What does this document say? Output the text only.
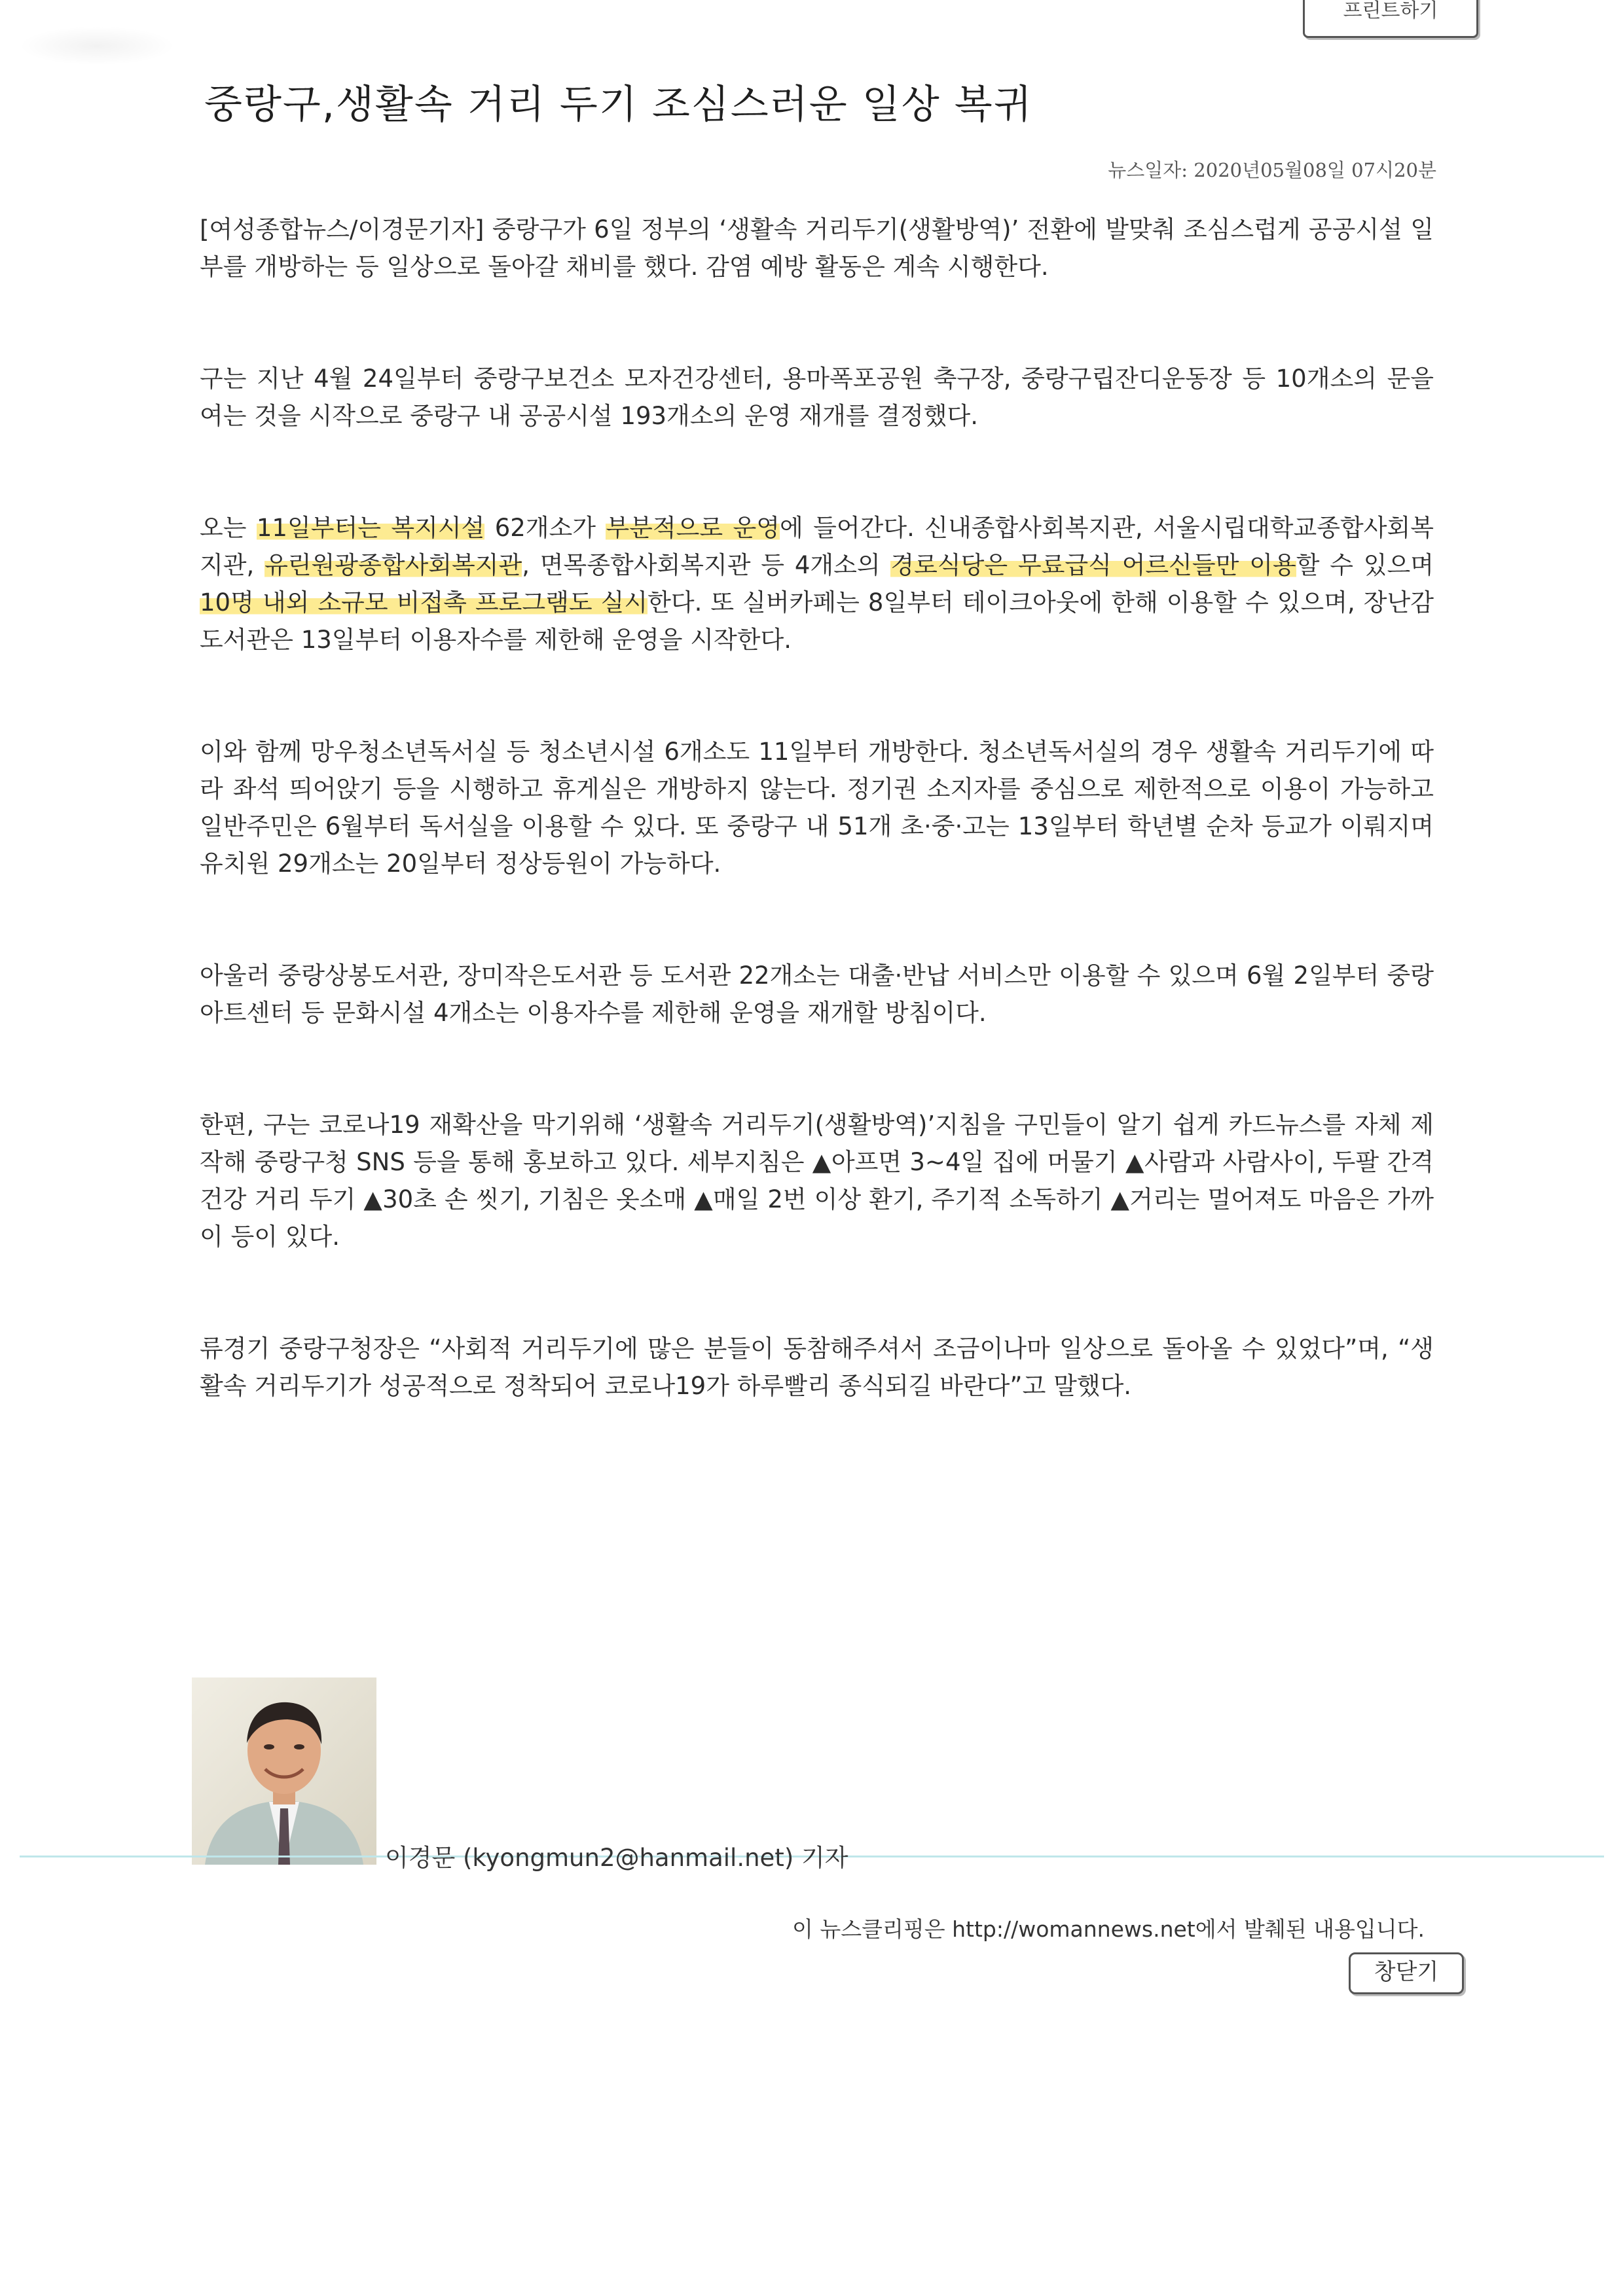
프린트하기
중랑구,생활속 거리 두기 조심스러운 일상 복귀
뉴스일자: 2020년05월08일 07시20분

[여성종합뉴스/이경문기자] 중랑구가 6일 정부의 ‘생활속 거리두기(생활방역)’ 전환에 발맞춰 조심스럽게 공공시설 일부를 개방하는 등 일상으로 돌아갈 채비를 했다. 감염 예방 활동은 계속 시행한다.

구는 지난 4월 24일부터 중랑구보건소 모자건강센터, 용마폭포공원 축구장, 중랑구립잔디운동장 등 10개소의 문을 여는 것을 시작으로 중랑구 내 공공시설 193개소의 운영 재개를 결정했다.

오는 11일부터는 복지시설 62개소가 부분적으로 운영에 들어간다. 신내종합사회복지관, 서울시립대학교종합사회복지관, 유린원광종합사회복지관, 면목종합사회복지관 등 4개소의 경로식당은 무료급식 어르신들만 이용할 수 있으며 10명 내외 소규모 비접촉 프로그램도 실시한다. 또 실버카페는 8일부터 테이크아웃에 한해 이용할 수 있으며, 장난감도서관은 13일부터 이용자수를 제한해 운영을 시작한다.

이와 함께 망우청소년독서실 등 청소년시설 6개소도 11일부터 개방한다. 청소년독서실의 경우 생활속 거리두기에 따라 좌석 띄어앉기 등을 시행하고 휴게실은 개방하지 않는다. 정기권 소지자를 중심으로 제한적으로 이용이 가능하고 일반주민은 6월부터 독서실을 이용할 수 있다. 또 중랑구 내 51개 초·중·고는 13일부터 학년별 순차 등교가 이뤄지며 유치원 29개소는 20일부터 정상등원이 가능하다.

아울러 중랑상봉도서관, 장미작은도서관 등 도서관 22개소는 대출·반납 서비스만 이용할 수 있으며 6월 2일부터 중랑아트센터 등 문화시설 4개소는 이용자수를 제한해 운영을 재개할 방침이다.

한편, 구는 코로나19 재확산을 막기위해 ‘생활속 거리두기(생활방역)’지침을 구민들이 알기 쉽게 카드뉴스를 자체 제작해 중랑구청 SNS 등을 통해 홍보하고 있다. 세부지침은 ▲아프면 3~4일 집에 머물기 ▲사람과 사람사이, 두팔 간격 건강 거리 두기 ▲30초 손 씻기, 기침은 옷소매 ▲매일 2번 이상 환기, 주기적 소독하기 ▲거리는 멀어져도 마음은 가까이 등이 있다.

류경기 중랑구청장은 “사회적 거리두기에 많은 분들이 동참해주셔서 조금이나마 일상으로 돌아올 수 있었다”며, “생활속 거리두기가 성공적으로 정착되어 코로나19가 하루빨리 종식되길 바란다”고 말했다.

이경문 (kyongmun2@hanmail.net) 기자
이 뉴스클리핑은 http://womannews.net에서 발췌된 내용입니다.
창닫기
